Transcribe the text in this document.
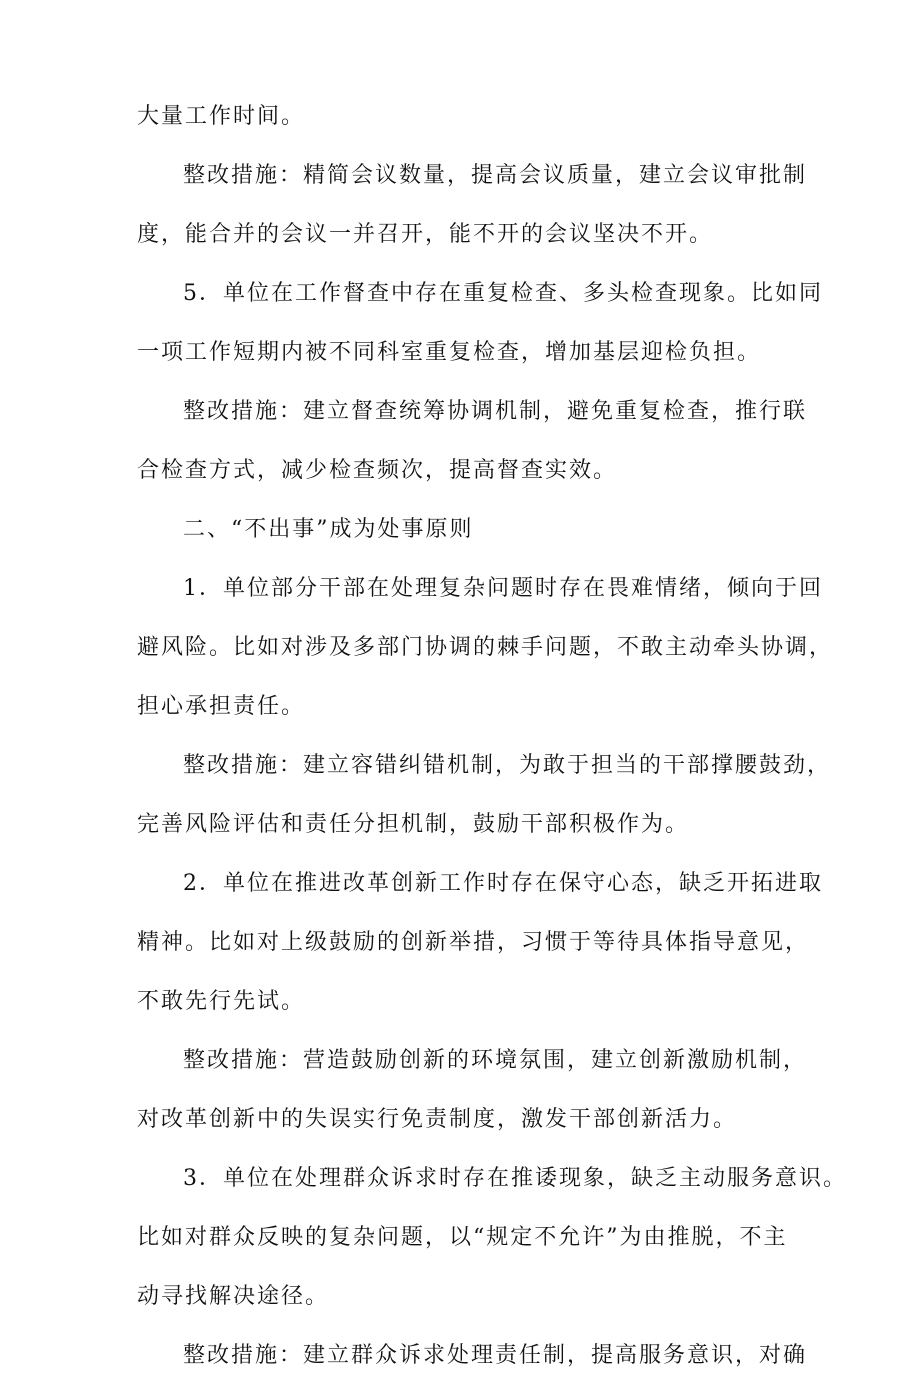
大量工作时间。
整改措施：精简会议数量，提高会议质量，建立会议审批制
度，能合并的会议一并召开，能不开的会议坚决不开。
5．单位在工作督查中存在重复检查、多头检查现象。比如同
一项工作短期内被不同科室重复检查，增加基层迎检负担。
整改措施：建立督查统筹协调机制，避免重复检查，推行联
合检查方式，减少检查频次，提高督查实效。
二、“不出事”成为处事原则
1．单位部分干部在处理复杂问题时存在畏难情绪，倾向于回
避风险。比如对涉及多部门协调的棘手问题，不敢主动牵头协调，
担心承担责任。
整改措施：建立容错纠错机制，为敢于担当的干部撑腰鼓劲，
完善风险评估和责任分担机制，鼓励干部积极作为。
2．单位在推进改革创新工作时存在保守心态，缺乏开拓进取
精神。比如对上级鼓励的创新举措，习惯于等待具体指导意见，
不敢先行先试。
整改措施：营造鼓励创新的环境氛围，建立创新激励机制，
对改革创新中的失误实行免责制度，激发干部创新活力。
3．单位在处理群众诉求时存在推诿现象，缺乏主动服务意识。
比如对群众反映的复杂问题，以“规定不允许”为由推脱，不主
动寻找解决途径。
整改措施：建立群众诉求处理责任制，提高服务意识，对确
